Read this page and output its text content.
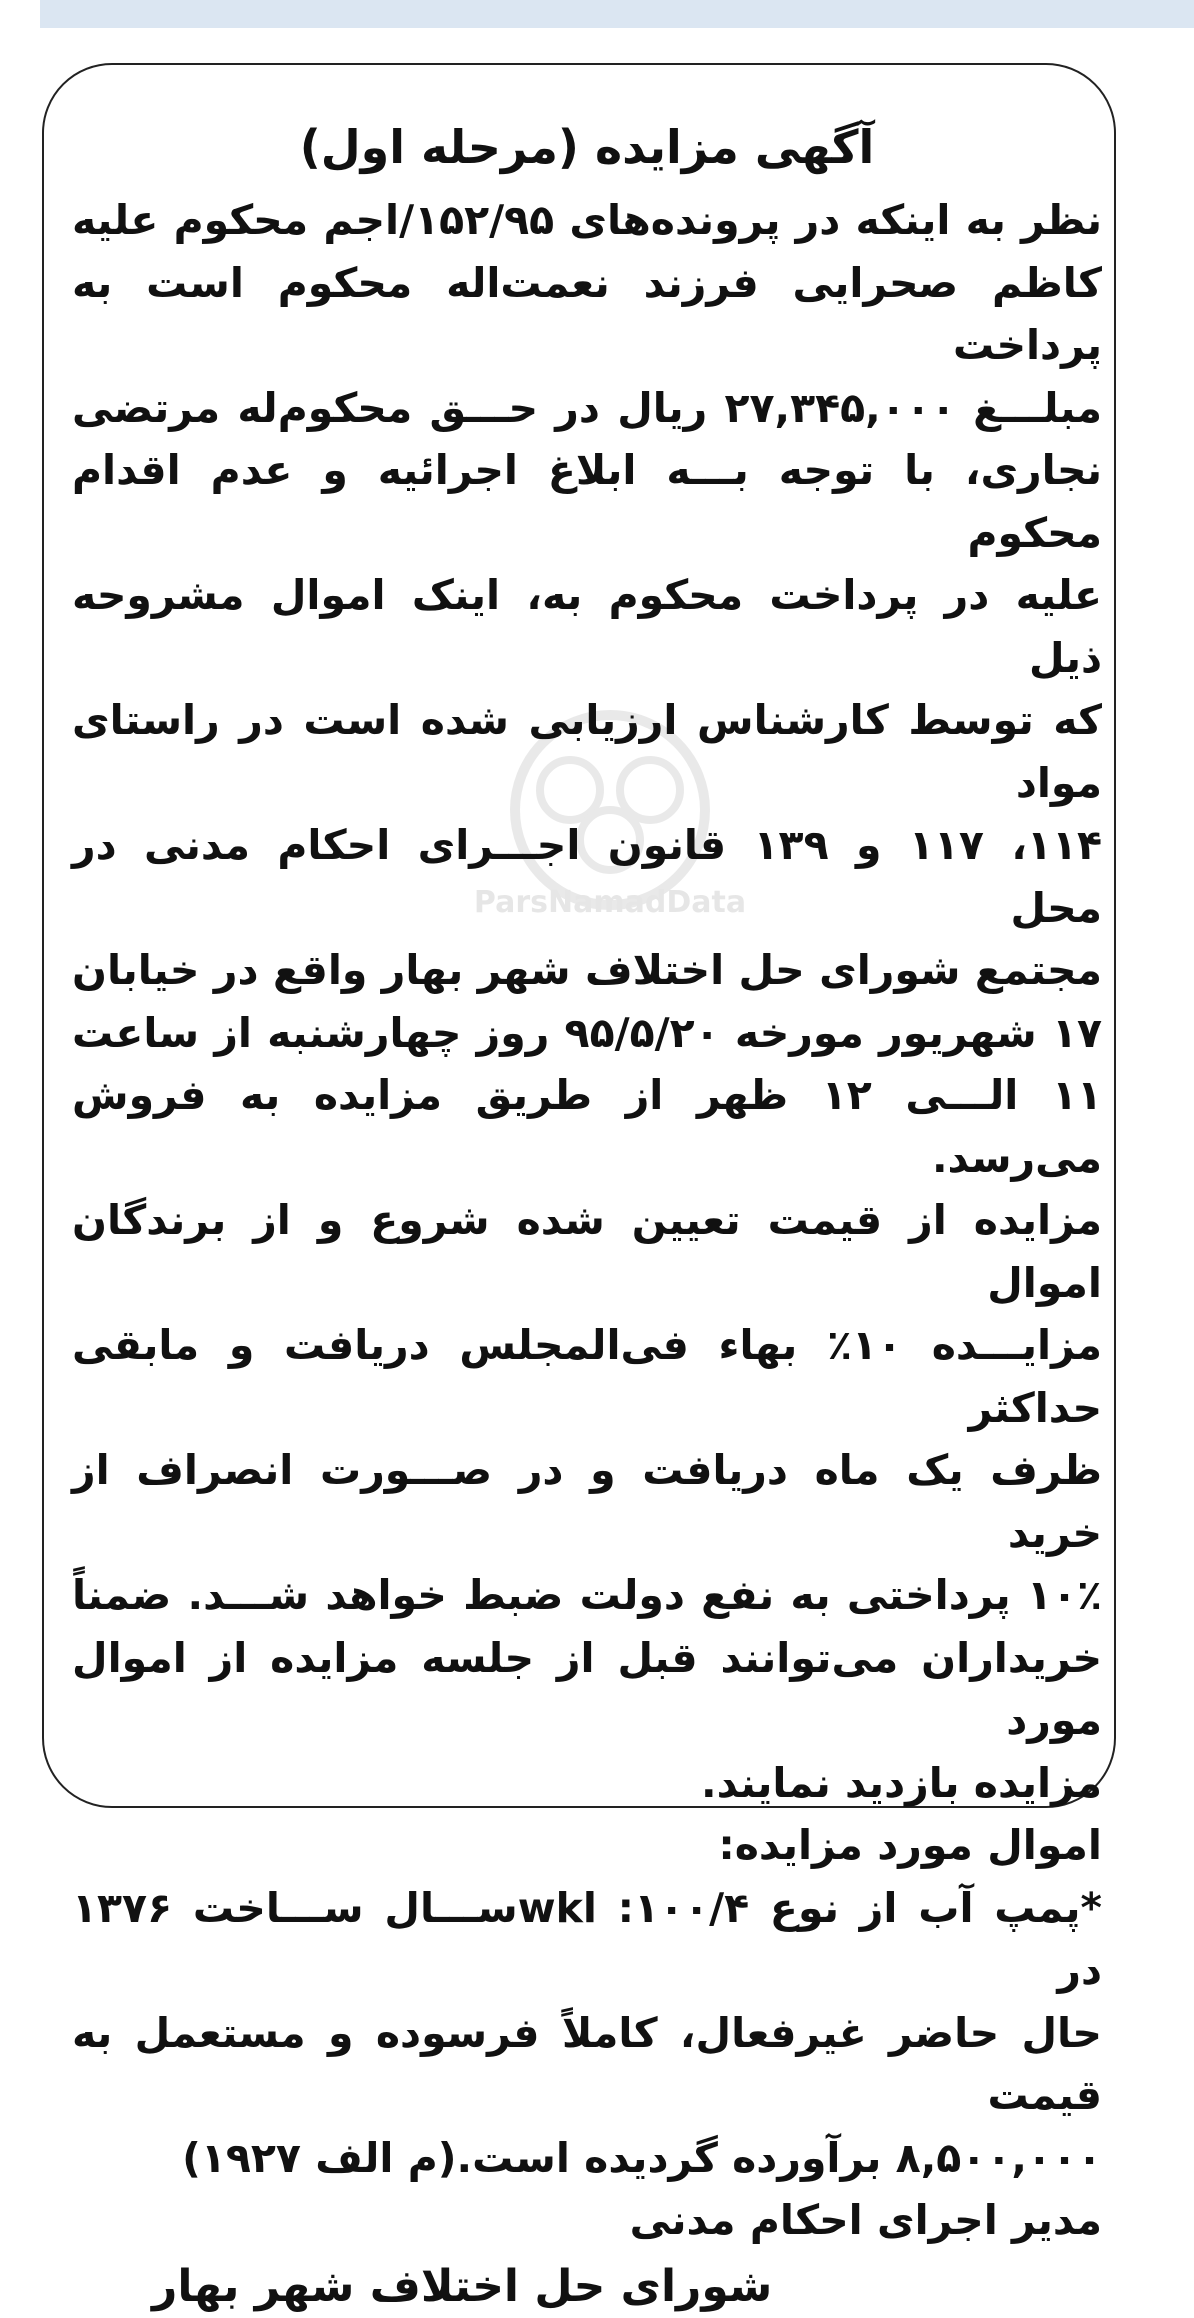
ParsNamadData
آگهی مزایده (مرحله اول)
نظر به اینکه در پرونده‌های ۱۵۲/۹۵/اجم محکوم علیه
کاظم صحرایی فرزند نعمت‌اله محکوم است به پرداخت
مبلـــغ ۲۷,۳۴۵,۰۰۰ ریال در حـــق محکوم‌له مرتضی
نجاری، با توجه بـــه ابلاغ اجرائیه و عدم اقدام محکوم
علیه در پرداخت محکوم به، اینک اموال مشروحه ذیل
که توسط کارشناس ارزیابی شده است در راستای مواد
۱۱۴، ۱۱۷ و ۱۳۹ قانون اجـــرای احکام مدنی در محل
مجتمع شورای حل اختلاف شهر بهار واقع در خیابان
۱۷ شهریور مورخه ۹۵/۵/۲۰ روز چهارشنبه از ساعت
۱۱ الـــی ۱۲ ظهر از طریق مزایده به فروش می‌رسد.
مزایده از قیمت تعیین شده شروع و از برندگان اموال
مزایـــده ۱۰٪ بهاء فی‌المجلس دریافت و مابقی حداکثر
ظرف یک ماه دریافت و در صـــورت انصراف از خرید
۱۰٪ پرداختی به نفع دولت ضبط خواهد شـــد. ضمناً
خریداران می‌توانند قبل از جلسه مزایده از اموال مورد
مزایده بازدید نمایند.
اموال مورد مزایده:
*پمپ آب از نوع ۱۰۰/۴: wkl‌ســـال ســـاخت ۱۳۷۶ در
حال حاضر غیرفعال، کاملاً فرسوده و مستعمل به قیمت
۸,۵۰۰,۰۰۰ برآورده گردیده است.(م الف ۱۹۲۷)
مدیر اجرای احکام مدنی
شورای حل اختلاف شهر بهار
